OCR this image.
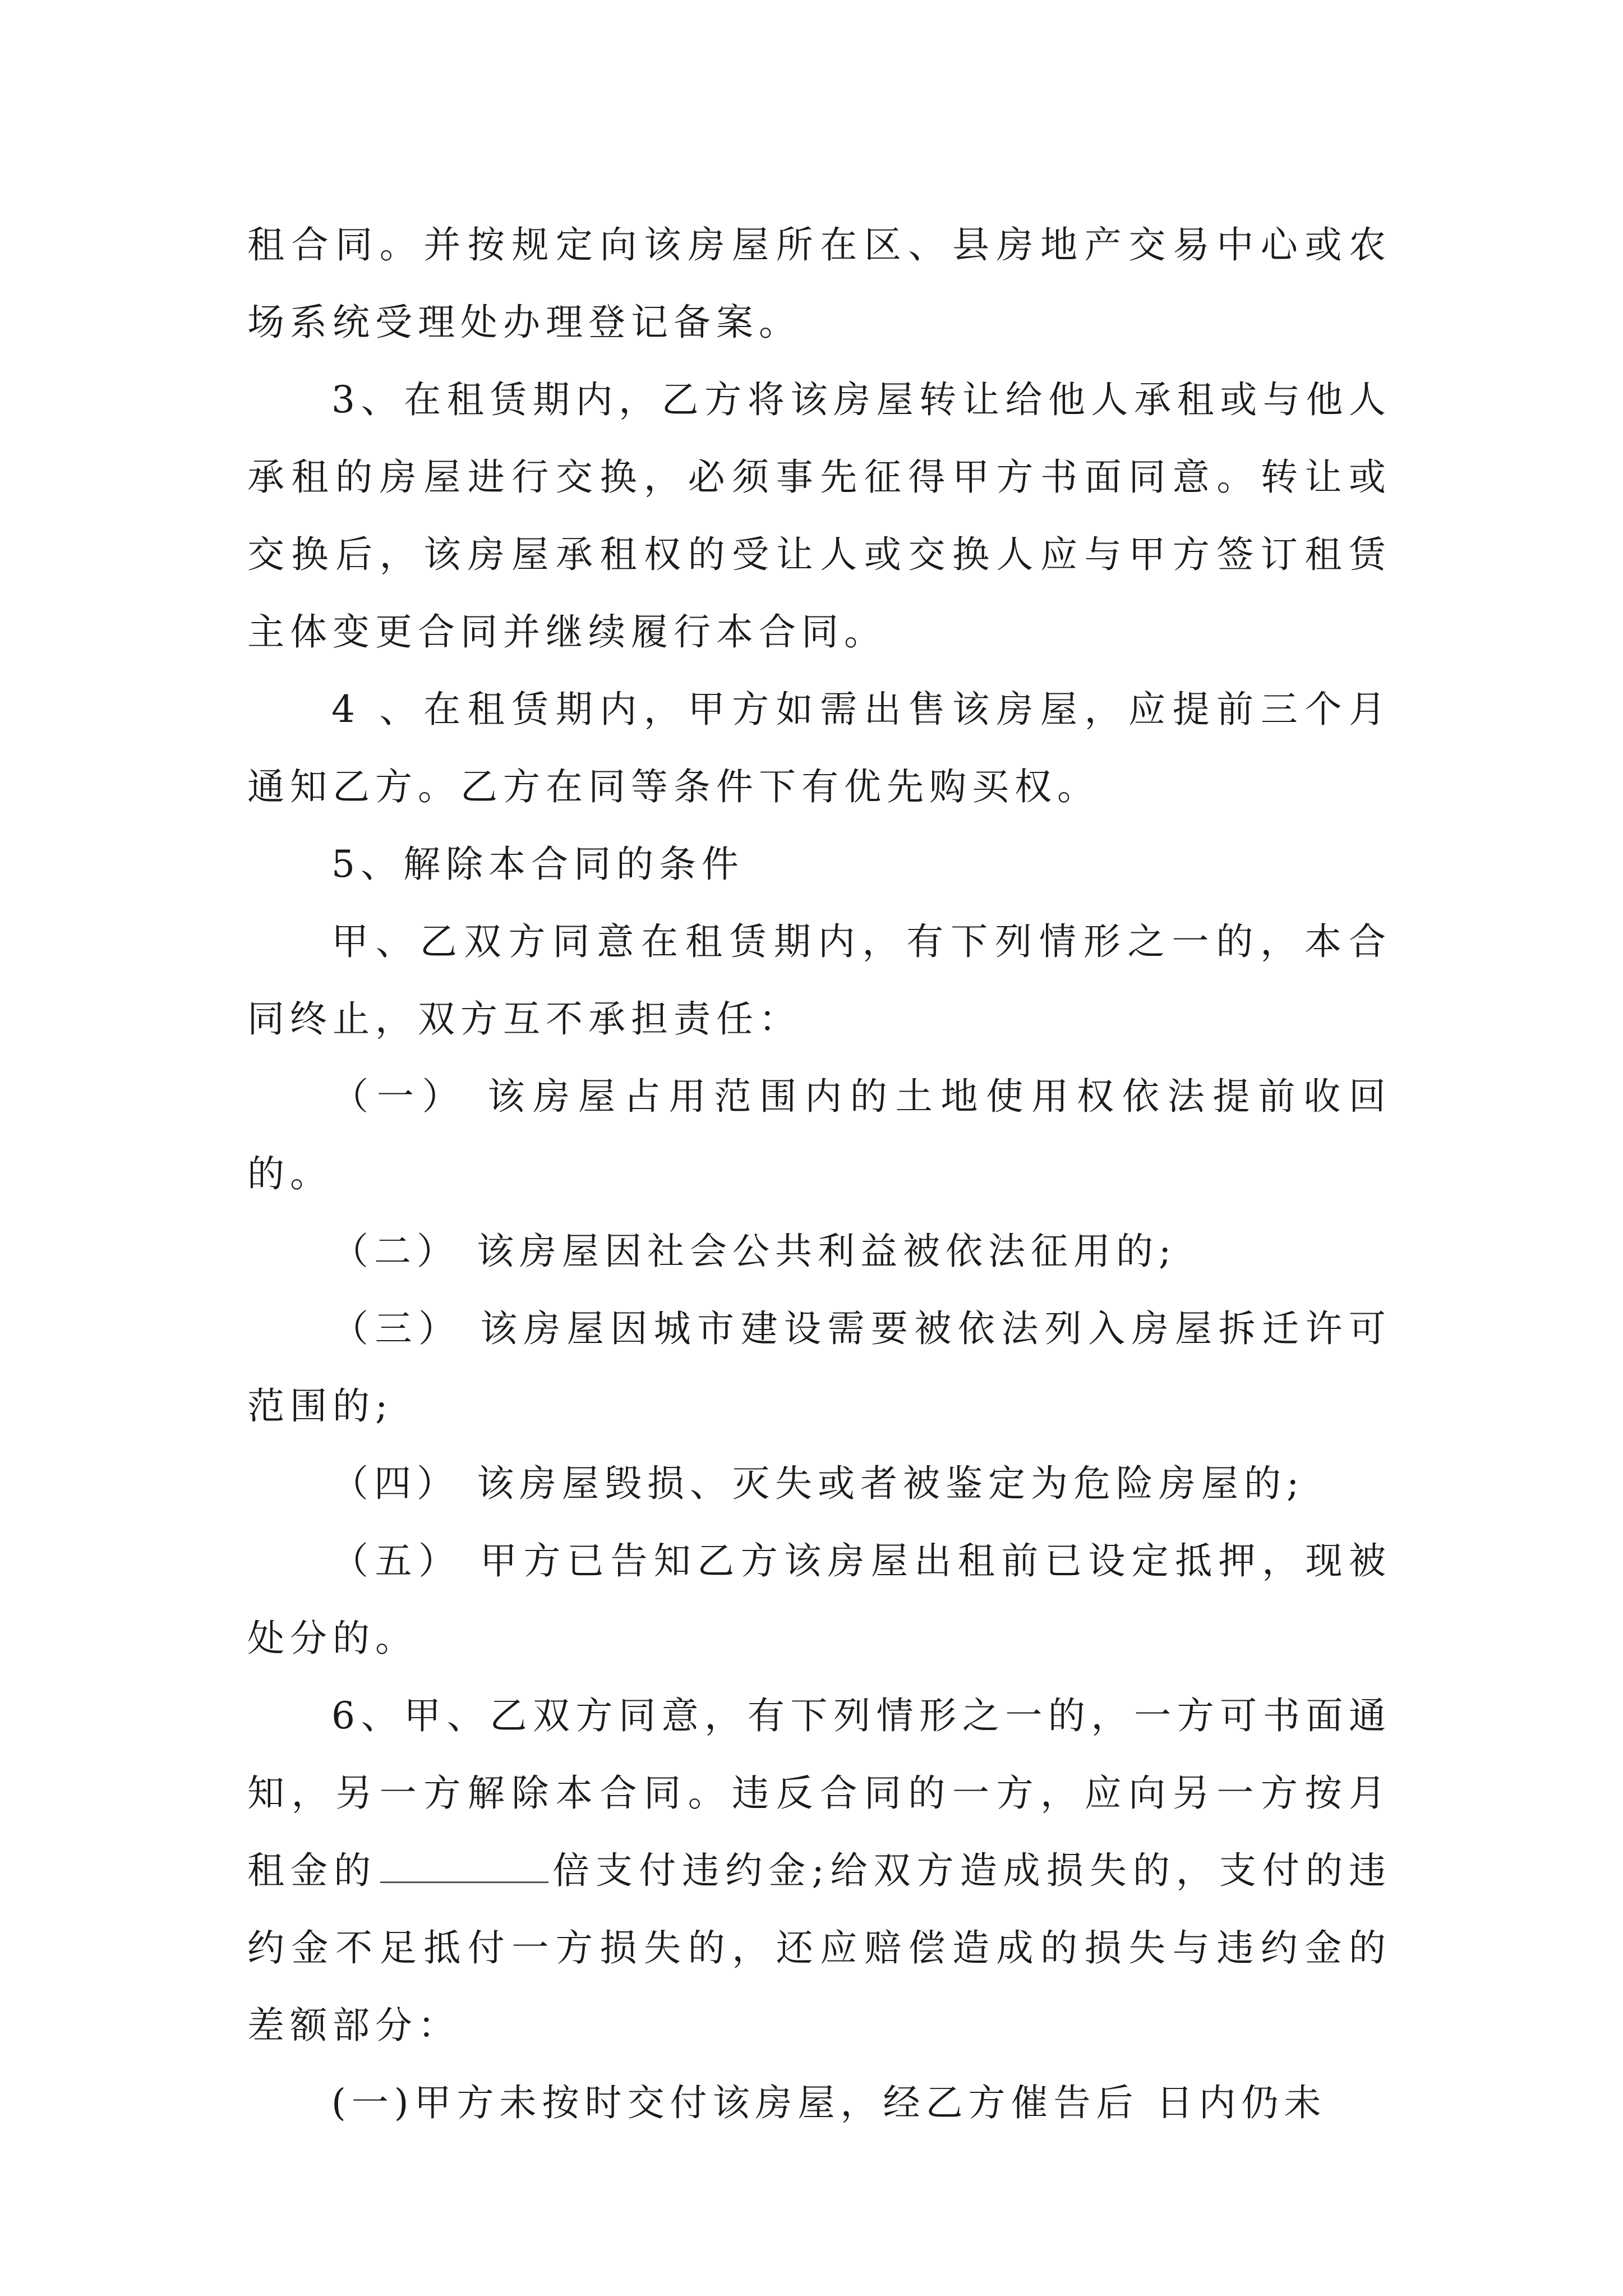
租合同。并按规定向该房屋所在区、县房地产交易中心或农场系统受理处办理登记备案。

3、在租赁期内，乙方将该房屋转让给他人承租或与他人承租的房屋进行交换，必须事先征得甲方书面同意。转让或交换后，该房屋承租权的受让人或交换人应与甲方签订租赁主体变更合同并继续履行本合同。

4 、在租赁期内，甲方如需出售该房屋，应提前三个月通知乙方。乙方在同等条件下有优先购买权。

5、解除本合同的条件

甲、乙双方同意在租赁期内，有下列情形之一的，本合同终止，双方互不承担责任：

（一） 该房屋占用范围内的土地使用权依法提前收回的。

（二） 该房屋因社会公共利益被依法征用的;

（三） 该房屋因城市建设需要被依法列入房屋拆迁许可范围的;

（四） 该房屋毁损、灭失或者被鉴定为危险房屋的;

（五） 甲方已告知乙方该房屋出租前已设定抵押，现被处分的。

6、甲、乙双方同意，有下列情形之一的，一方可书面通知，另一方解除本合同。违反合同的一方，应向另一方按月租金的	倍支付违约金;给双方造成损失的，支付的违约金不足抵付一方损失的，还应赔偿造成的损失与违约金的差额部分：

(一)甲方未按时交付该房屋，经乙方催告后 日内仍未
